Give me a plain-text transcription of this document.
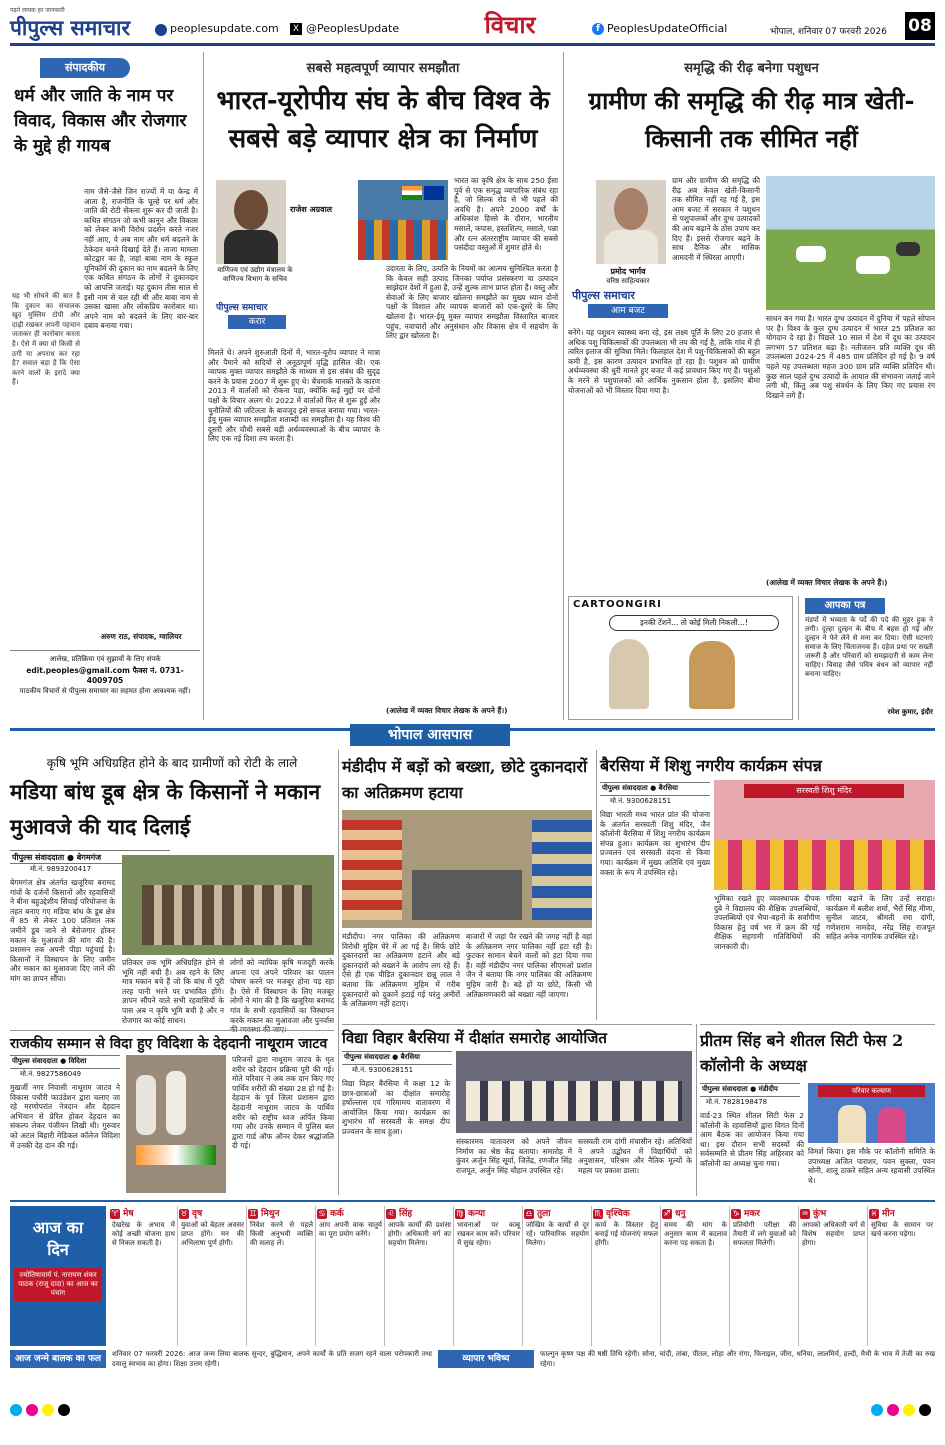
पढ़ने लायक हर जानकारी
पीपुल्स समाचार	peoplesupdate.com	X @PeoplesUpdate	विचार	f PeoplesUpdateOfficial	भोपाल, शनिवार 07 फरवरी 2026	08
संपादकीय
धर्म और जाति के नाम पर विवाद, विकास और रोजगार के मुद्दे ही गायब
नाम जैसे-जैसे जिन राज्यों में या केन्द्र में आता है, राजनीति के चूल्हे पर धर्म और जाति की रोटी सेंकना शुरू कर दी जाती है। कथित संगठन जो कभी कानून और विकास को लेकर कभी विरोध प्रदर्शन करते नजर नहीं आए, वे अब नाम और धर्म बदलने के ठेकेदार बनते दिखाई देते हैं। ताजा मामला कोटद्वार का है, जहां बाबा नाम के स्कूल यूनिफॉर्म की दुकान का नाम बदलने के लिए एक कथित संगठन के लोगों ने दुकानदार को आपत्ति जताई। यह दुकान तीस साल से इसी नाम से चल रही थी और बाबा नाम से उसका खासा और लोकप्रिय कारोबार था। अपने नाम को बदलने के लिए बार-बार दबाव बनाया गया।
यह भी सोचने की बात है कि दुकान का संचालक खुद मुस्लिम टोपी और दाढ़ी रखकर अपनी पहचान जताकर ही कारोबार करता है। ऐसे में क्या वो किसी से ठगी या अपराध कर रहा है? सवाल बड़ा है कि ऐसा करने वालों के इरादे क्या हैं।
अरुण राठ, संपादक, ग्वालियर
आलेख, प्रतिक्रिया एवं सुझावों के लिए संपर्क
edit.peoples@gmail.com फैक्स नं. 0731-4009705
पाठकीय विचारों से पीपुल्स समाचार का सहमत होना आवश्यक नहीं।
सबसे महत्वपूर्ण व्यापार समझौता
भारत-यूरोपीय संघ के बीच विश्व के सबसे बड़े व्यापार क्षेत्र का निर्माण
राजेश अग्रवाल
वाणिज्य एवं उद्योग मंत्रालय के वाणिज्य विभाग के सचिव
पीपुल्स समाचार
करार
भारत का कृषि क्षेत्र के साथ 250 ईसा पूर्व से एक समृद्ध व्यापारिक संबंध रहा है, जो सिल्क रोड से भी पहले की अवधि है। अपने 2000 वर्षों के अधिकांश हिस्से के दौरान, भारतीय मसालें, कपास, हस्तशिल्प, मसाले, पन्ना और रत्न अंतरराष्ट्रीय व्यापार की सबसे पसंदीदा वस्तुओं में शुमार होते थे।
मिलते थे। अपने शुरुआती दिनों में, भारत-यूरोप व्यापार ने मात्रा और पैमाने को सदियों से अनूठापूर्ण वृद्धि हासिल की। एक व्यापक मुक्त व्यापार समझौते के माध्यम से इस संबंध की सुदृढ़ करने के प्रयास 2007 में शुरू हुए थे। बेंचमार्क मानकों के कारण 2013 में वार्ताओं को रोकना पड़ा, क्योंकि कई मुद्दों पर दोनों पक्षों के विचार अलग थे। 2022 में वार्ताओं फिर से शुरू हुईं और चुनौतियों की जटिलता के बावजूद इसे सफल बनाया गया। भारत-ईयू मुक्त व्यापार समझौता शताब्दी का समझौता है। यह विश्व की दूसरी और चौथी सबसे बड़ी अर्थव्यवस्थाओं के बीच व्यापार के लिए एक नई दिशा तय करता है।
उदारता के लिए, उत्पति के नियमों का आत्मय सुनिश्चित करता है कि केवल सही उत्पाद जिनका पर्याप्त प्रसंस्करण या उत्पादन साझेदार देशों में हुआ है, उन्हें शुल्क लाभ प्राप्त होता है। वस्तु और सेवाओं के लिए बाजार खोलना समझौते का मुख्य ध्यान दोनों पक्षों के विशाल और व्यापक बाजारों को एक-दूसरे के लिए खोलना है। भारत-ईयू मुक्त व्यापार समझौता विस्तारित बाजार पहुंच, नवाचारों और अनुसंधान और विकास क्षेत्र में सहयोग के लिए द्वार खोलता है।
(आलेख में व्यक्त विचार लेखक के अपने हैं।)
समृद्धि की रीढ़ बनेगा पशुधन
ग्रामीण की समृद्धि की रीढ़ मात्र खेती-किसानी तक सीमित नहीं
प्रमोद भार्गव
वरिष्ठ साहित्यकार
पीपुल्स समाचार
आम बजट
ग्राम और ग्रामीण की समृद्धि की रीढ़ अब केवल खेती-किसानी तक सीमित नहीं रह गई है, इस आम बजट में सरकार ने पशुधन से पशुपालकों और दुग्ध उत्पादकों की आय बढ़ाने के ठोस उपाय कर दिए हैं। इससे रोजगार बढ़ने के साथ दैनिक और मासिक आमदनी में स्थिरता आएगी।
बनेंगे। यह पशुधन स्वास्थ्य बना रहे, इस लक्ष्य पूर्ति के लिए 20 हजार से अधिक पशु चिकित्सकों की उपलब्धता भी तय की गई है, ताकि गांव में ही त्वरित इलाज की सुविधा मिले। फिलहाल देश में पशु-चिकित्सकों की बहुत कमी है, इस कारण उत्पादन प्रभावित हो रहा है। पशुधन को ग्रामीण अर्थव्यवस्था की धुरी मानते हुए बजट में कई प्रावधान किए गए हैं। पशुओं के मरने से पशुपालकों को आर्थिक नुकसान होता है, इसलिए बीमा योजनाओं को भी विस्तार दिया गया है।
साधन बन गया है। भारत दुग्ध उत्पादन में दुनिया में पहले सोपान पर है। विश्व के कुल दुग्ध उत्पादन में भारत 25 प्रतिशत का योगदान दे रहा है। पिछले 10 साल में देश में दूध का उत्पादन लगभग 57 प्रतिशत बढ़ा है। नतीजतन प्रति व्यक्ति दूध की उपलब्धता 2024-25 में 485 ग्राम प्रतिदिन हो गई है। 9 वर्ष पहले यह उपलब्धता महज 300 ग्राम प्रति व्यक्ति प्रतिदिन थी। कुछ साल पहले दुग्ध उत्पादों के आयात की संभावना जताई जाने लगी थी, किंतु अब पशु संवर्धन के लिए किए गए प्रयास रंग दिखाने लगे हैं।
(आलेख में व्यक्त विचार लेखक के अपने हैं।)
CARTOONGIRI
इनकी टेंशनें... तो कोई मिली निकली...!
आपका पत्र
मंडपों में भव्यता के पर्दे की पदे की मुहर हुक ने लगी। दूल्हा दुल्हन के बीच में बहस हो गई और दुल्हन ने फेरे लेने से मना कर दिया। ऐसी घटनाएं समाज के लिए चिंताजनक हैं। दहेज प्रथा पर सख्ती जरूरी है और परिवारों को समझदारी से काम लेना चाहिए। विवाह जैसे पवित्र बंधन को व्यापार नहीं बनाना चाहिए।
रमेश कुमार, इंदौर
भोपाल आसपास
कृषि भूमि अधिग्रहित होने के बाद ग्रामीणों को रोटी के लाले
मडिया बांध डूब क्षेत्र के किसानों ने मकान मुआवजे की याद दिलाई
पीपुल्स संवाददाता ● बेगमगंज
मो.नं. 9893200417
बेगमगंज क्षेत्र अंतर्गत खजूरिया बरामद गांवों के दर्जनों किसानों और रहवासियों ने बीना बहुउद्देशीय सिंचाई परियोजना के तहत बनाए गए मडिया बांध के डूब क्षेत्र में 85 से लेकर 100 प्रतिशत तक जमीनें डूब जाने से बेरोजगार होकर मकान के मुआवजे की मांग की है। प्रशासन तक अपनी पीड़ा पहुंचाई है। किसानों ने विस्थापन के लिए जमीन और मकान का मुआवजा दिए जाने की मांग का ज्ञापन सौंपा।
प्रतिकार तक भूमि अधिग्रहित होने से भूमि नहीं बची है। अब रहने के लिए मात्र मकान बचे हैं जो कि बांध में पूरी तरह पानी भरने पर प्रभावित होंगे। ज्ञापन सौंपने वाले सभी रहवासियों के पास अब न कृषि भूमि बची है और न रोजगार का कोई साधन।
लोगों को न्यायिक कृषि मजदूरी करके अपना एवं अपने परिवार का पालन पोषण करने पर मजबूर होना पड़ रहा है। ऐसे में विस्थापन के लिए मजबूर लोगों ने मांग की है कि खजूरिया बरामद गांव के सभी रहवासियों का विस्थापन करके मकान का मुआवजा और पुनर्वास की व्यवस्था की जाए।
राजकीय सम्मान से विदा हुए विदिशा के देहदानी नाथूराम जाटव
पीपुल्स संवाददाता ● विदिशा
मो.नं. 9827586049
मुखर्जी नगर निवासी नाथूराम जाटव ने विकास पचौरी फाउंडेशन द्वारा चलाए जा रहे मरणोपरांत नेत्रदान और देहदान अभियान से प्रेरित होकर देहदान का संकल्प लेकर पंजीयन लिखी थी। गुरुवार को अटल बिहारी मेडिकल कॉलेज विदिशा में उनकी देह दान की गई।
परिजनों द्वारा नाथूराम जाटव के मृत शरीर को देहदान प्रक्रिया पूरी की गई। मोते परिवार ने अब तक दान किए गए पार्थिव शरीरों की संख्या 28 हो गई है। देहदान के पूर्व जिला प्रशासन द्वारा देहदानी नाथूराम जाटव के पार्थिव शरीर को राष्ट्रीय ध्वज अर्पित किया गया और उनके सम्मान में पुलिस बल द्वारा गार्ड ऑफ ऑनर देकर श्रद्धांजलि दी गई।
मंडीदीप में बड़ों को बख्शा, छोटे दुकानदारों का अतिक्रमण हटाया
मंडीदीप। नगर पालिका की अतिक्रमण विरोधी मुहिम घेरे में आ गई है। सिर्फ छोटे दुकानदारों का अतिक्रमण हटाने और बड़े दुकानदारों को बख्शने के आरोप लग रहे हैं। ऐसे ही एक पीड़ित दुकानदार छन्नू लाल ने बताया कि अतिक्रमण मुहिम में गरीब दुकानदारों को दुकानें हटाई गई परंतु अमीरों के अतिक्रमण नहीं हटाए।
बाजारों में जहां पैर रखने की जगह नहीं है वहां के अतिक्रमण नगर पालिका नहीं हटा रही है। फुटकर सामान बेचने वालों को हटा दिया गया है। वहीं मंडीदीप नगर पालिका सीएमओ प्रशांत जैन ने बताया कि नगर पालिका की अतिक्रमण मुहिम जारी है। बड़े हों या छोटे, किसी भी अतिक्रमणकारी को बख्शा नहीं जाएगा।
बैरसिया में शिशु नगरीय कार्यक्रम संपन्न
पीपुल्स संवाददाता ● बैरसिया
मो.नं. 9300628151
विद्या भारती मध्य भारत प्रांत की योजना के अंतर्गत सरस्वती शिशु मंदिर, जैन कॉलोनी बैरसिया में शिशु नगरीय कार्यक्रम संपन्न हुआ। कार्यक्रम का शुभारंभ दीप प्रज्वलन एवं सरस्वती वंदना से किया गया। कार्यक्रम में मुख्य अतिथि एवं मुख्य वक्ता के रूप में उपस्थित रहे।
सरस्वती शिशु मंदिर
भूमिका रखते हुए व्यवस्थापक दीपक दुबे ने विद्यालय की शैक्षिक उपलब्धियों, उपलब्धियों एवं भैया-बहनों के सर्वांगीण विकास हेतु वर्ष भर में क्रम की गई शैक्षिक सहगामी गतिविधियों की जानकारी दी।
गरिमा बढ़ाने के लिए उन्हें सराहा। कार्यक्रम में बलीश शर्मा, भैरों सिंह मीणा, सुनील जाटव, श्रीमती रमा दांगी, गणेशराम नामदेव, नरेंद्र सिंह राजपूत सहित अनेक नागरिक उपस्थित रहे।
विद्या विहार बैरसिया में दीक्षांत समारोह आयोजित
पीपुल्स संवाददाता ● बैरसिया
मो.नं. 9300628151
विद्या विहार बैरसिया में कक्षा 12 के छात्र-छात्राओं का दीक्षांत समारोह हर्षोल्लास एवं गरिमामय वातावरण में आयोजित किया गया। कार्यक्रम का शुभारंभ माँ सरस्वती के समक्ष दीप प्रज्वलन के साथ हुआ।
संस्कारमय वातावरण को अपने जीवन निर्माण का श्रेष्ठ केंद्र बताया। समारोह में कुंवर अर्जुन सिंह सूर्या, जितेंद्र, रणजीत सिंह राजपूत, अर्जुन सिंह चौहान उपस्थित रहे।
सरस्वती राम दांगी मंचासीन रहे। अतिथियों ने अपने उद्बोधन में विद्यार्थियों को अनुशासन, परिश्रम और नैतिक मूल्यों के महत्व पर प्रकाश डाला।
प्रीतम सिंह बने शीतल सिटी फेस 2 कॉलोनी के अध्यक्ष
पीपुल्स संवाददाता ● मंडीदीप
मो.नं. 7828198478
वार्ड-23 स्थित शीतल सिटी फेस 2 कॉलोनी के रहवासियों द्वारा विगत दिनों आम बैठक का आयोजन किया गया था। इस दौरान सभी सदस्यों की सर्वसम्मति से प्रीतम सिंह अहिरवार को कॉलोनी का अध्यक्ष चुना गया।
परिवार कल्याण
विमर्श किया। इस मौके पर कॉलोनी समिति के उपाध्यक्ष अजित पाराशर, पवन सुक्ला, पवन सोनी, शालू ठाकरे सहित अन्य रहवासी उपस्थित थे।
आज का
दिन
ज्योतिषाचार्य पं. नारायण शंकर पाठक (राजू दादा) का आज का पंचांग
आज जन्मे बालक का फल	शनिवार 07 फरवरी 2026: आज जन्म लिया बालक सुन्दर, बुद्धिमान, अपने कार्यों के प्रति सजग रहने वाला परोपकारी तथा दयालु स्वभाव का होगा। शिक्षा उत्तम रहेगी।	व्यापार भविष्य	फाल्गुन कृष्ण पक्ष की षष्ठी तिथि रहेगी। सोना, चांदी, तांबा, पीतल, लोहा और रांगा, फिनाइल, जीरा, धनिया, लालमिर्च, हल्दी, मैथी के भाव में तेजी का रुख रहेगा।
♈ मेष
देखरेख के अभाव में कोई अच्छी योजना हाथ से निकल सकती है।
♉ वृष
युवाओं को बेहतर अवसर प्राप्त होंगे। मन की अभिलाषा पूर्ण होगी।
♊ मिथुन
निवेश करने से पहले किसी अनुभवी व्यक्ति की सलाह लें।
♋ कर्क
आप अपनी वाक चातुर्य का पूरा प्रयोग करेंगे।
♌ सिंह
आपके कार्यों की प्रशंसा होगी। अधिकारी वर्ग का सहयोग मिलेगा।
♍ कन्या
भावनाओं पर काबू रखकर काम करें। परिवार में सुख रहेगा।
♎ तुला
जोखिम के कार्यों से दूर रहें। पारिवारिक सहयोग मिलेगा।
♏ वृश्चिक
कार्य के विस्तार हेतु बनाई गई योजनाएं सफल होंगी।
♐ धनु
समय की मांग के अनुसार काम में बदलाव करना पड़ सकता है।
♑ मकर
प्रतियोगी परीक्षा की तैयारी में लगे युवाओं को सफलता मिलेगी।
♒ कुंभ
आपको अधिकारी वर्ग से विशेष सहयोग प्राप्त होगा।
♓ मीन
सुविधा के सामान पर खर्च करना पड़ेगा।
